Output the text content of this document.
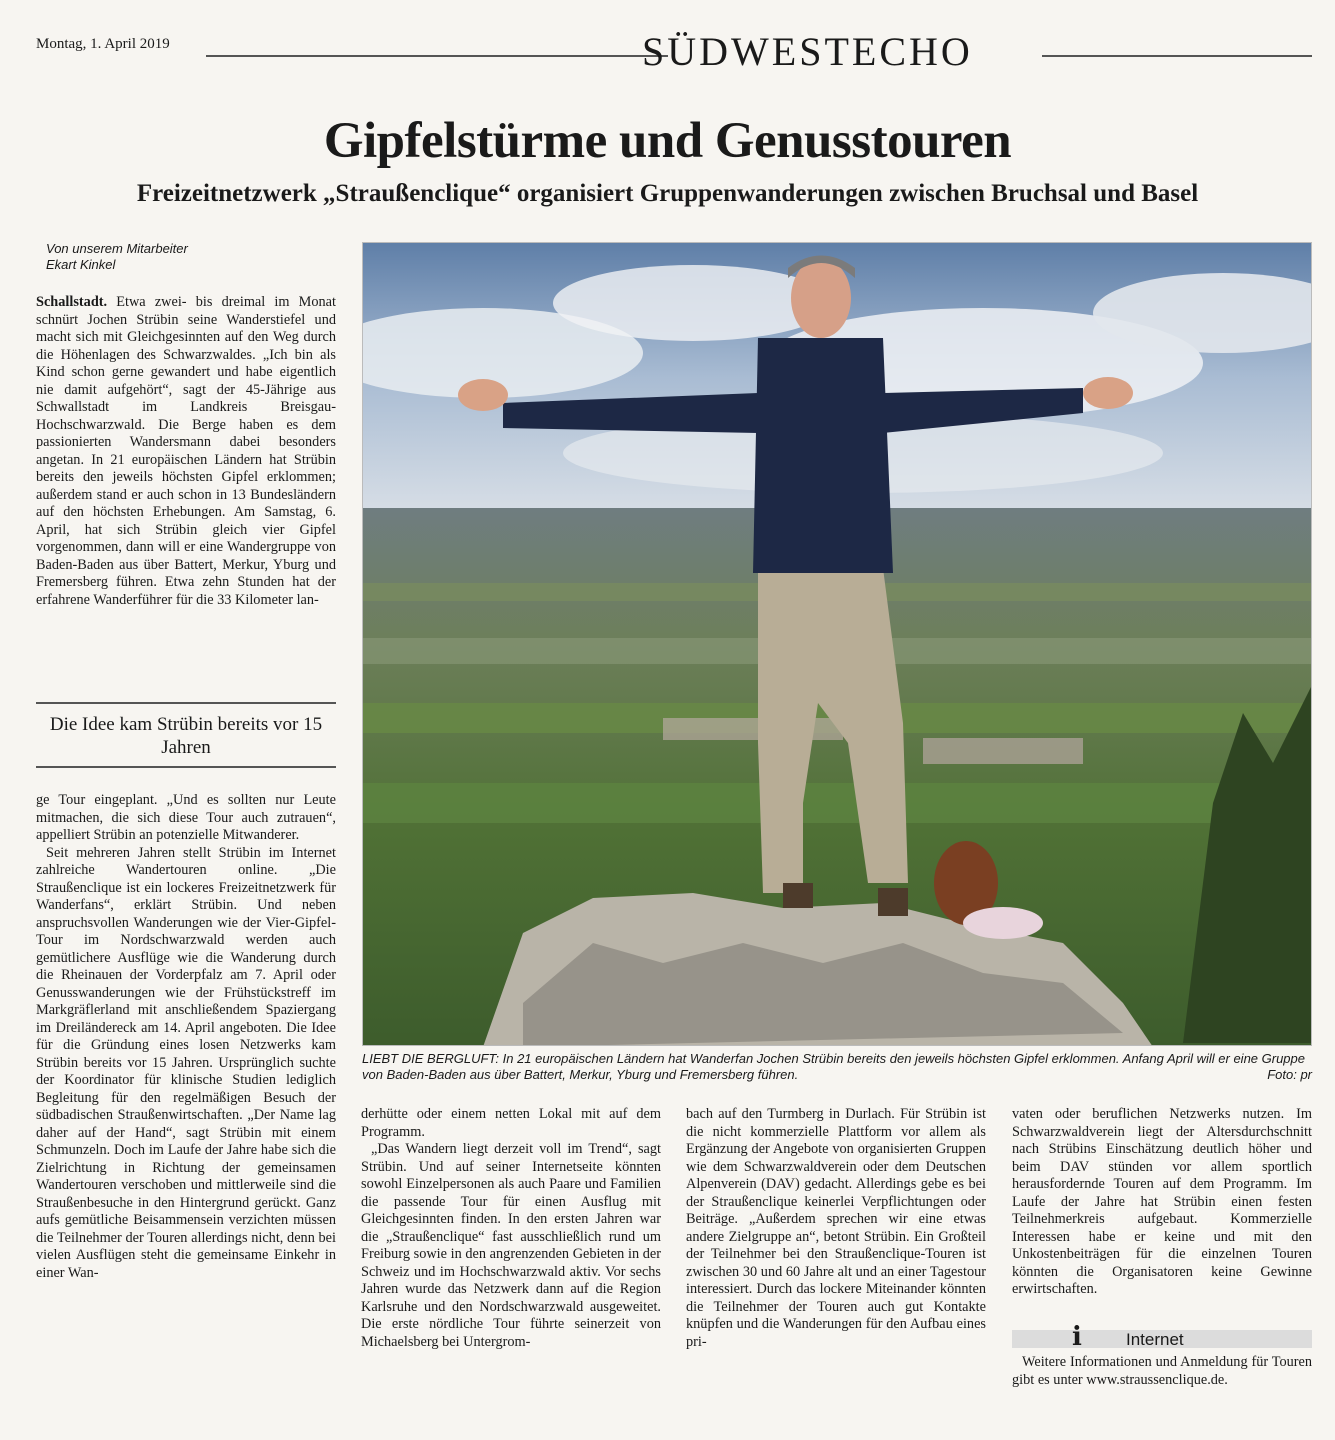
Montag, 1. April 2019	SÜDWESTECHO
Gipfelstürme und Genusstouren
Freizeitnetzwerk „Straußenclique“ organisiert Gruppenwanderungen zwischen Bruchsal und Basel
Von unserem Mitarbeiter
Ekart Kinkel

Schallstadt. Etwa zwei- bis dreimal im Monat schnürt Jochen Strübin seine Wanderstiefel und macht sich mit Gleichgesinnten auf den Weg durch die Höhenlagen des Schwarzwaldes. „Ich bin als Kind schon gerne gewandert und habe eigentlich nie damit aufgehört“, sagt der 45-Jährige aus Schwallstadt im Landkreis Breisgau-Hochschwarzwald. Die Berge haben es dem passionierten Wandersmann dabei besonders angetan. In 21 europäischen Ländern hat Strübin bereits den jeweils höchsten Gipfel erklommen; außerdem stand er auch schon in 13 Bundesländern auf den höchsten Erhebungen. Am Samstag, 6. April, hat sich Strübin gleich vier Gipfel vorgenommen, dann will er eine Wandergruppe von Baden-Baden aus über Battert, Merkur, Yburg und Fremersberg führen. Etwa zehn Stunden hat der erfahrene Wanderführer für die 33 Kilometer lan-

Die Idee kam Strübin bereits vor 15 Jahren

ge Tour eingeplant. „Und es sollten nur Leute mitmachen, die sich diese Tour auch zutrauen“, appelliert Strübin an potenzielle Mitwanderer.

Seit mehreren Jahren stellt Strübin im Internet zahlreiche Wandertouren online. „Die Straußenclique ist ein lockeres Freizeitnetzwerk für Wanderfans“, erklärt Strübin. Und neben anspruchsvollen Wanderungen wie der Vier-Gipfel-Tour im Nordschwarzwald werden auch gemütlichere Ausflüge wie die Wanderung durch die Rheinauen der Vorderpfalz am 7. April oder Genusswanderungen wie der Frühstückstreff im Markgräflerland mit anschließendem Spaziergang im Dreiländereck am 14. April angeboten. Die Idee für die Gründung eines losen Netzwerks kam Strübin bereits vor 15 Jahren. Ursprünglich suchte der Koordinator für klinische Studien lediglich Begleitung für den regelmäßigen Besuch der südbadischen Straußenwirtschaften. „Der Name lag daher auf der Hand“, sagt Strübin mit einem Schmunzeln. Doch im Laufe der Jahre habe sich die Zielrichtung in Richtung der gemeinsamen Wandertouren verschoben und mittlerweile sind die Straußenbesuche in den Hintergrund gerückt. Ganz aufs gemütliche Beisammensein verzichten müssen die Teilnehmer der Touren allerdings nicht, denn bei vielen Ausflügen steht die gemeinsame Einkehr in einer Wan-

LIEBT DIE BERGLUFT: In 21 europäischen Ländern hat Wanderfan Jochen Strübin bereits den jeweils höchsten Gipfel erklommen. Anfang April will er eine Gruppe von Baden-Baden aus über Battert, Merkur, Yburg und Fremersberg führen.	Foto: pr

derhütte oder einem netten Lokal mit auf dem Programm.

„Das Wandern liegt derzeit voll im Trend“, sagt Strübin. Und auf seiner Internetseite könnten sowohl Einzelpersonen als auch Paare und Familien die passende Tour für einen Ausflug mit Gleichgesinnten finden. In den ersten Jahren war die „Straußenclique“ fast ausschließlich rund um Freiburg sowie in den angrenzenden Gebieten in der Schweiz und im Hochschwarzwald aktiv. Vor sechs Jahren wurde das Netzwerk dann auf die Region Karlsruhe und den Nordschwarzwald ausgeweitet. Die erste nördliche Tour führte seinerzeit von Michaelsberg bei Untergrom-

bach auf den Turmberg in Durlach. Für Strübin ist die nicht kommerzielle Plattform vor allem als Ergänzung der Angebote von organisierten Gruppen wie dem Schwarzwaldverein oder dem Deutschen Alpenverein (DAV) gedacht. Allerdings gebe es bei der Straußenclique keinerlei Verpflichtungen oder Beiträge. „Außerdem sprechen wir eine etwas andere Zielgruppe an“, betont Strübin. Ein Großteil der Teilnehmer bei den Straußenclique-Touren ist zwischen 30 und 60 Jahre alt und an einer Tagestour interessiert. Durch das lockere Miteinander könnten die Teilnehmer der Touren auch gut Kontakte knüpfen und die Wanderungen für den Aufbau eines pri-

vaten oder beruflichen Netzwerks nutzen. Im Schwarzwaldverein liegt der Altersdurchschnitt nach Strübins Einschätzung deutlich höher und beim DAV stünden vor allem sportlich herausfordernde Touren auf dem Programm. Im Laufe der Jahre hat Strübin einen festen Teilnehmerkreis aufgebaut. Kommerzielle Interessen habe er keine und mit den Unkostenbeiträgen für die einzelnen Touren könnten die Organisatoren keine Gewinne erwirtschaften.

i	Internet
Weitere Informationen und Anmeldung für Touren gibt es unter www.straussenclique.de.
